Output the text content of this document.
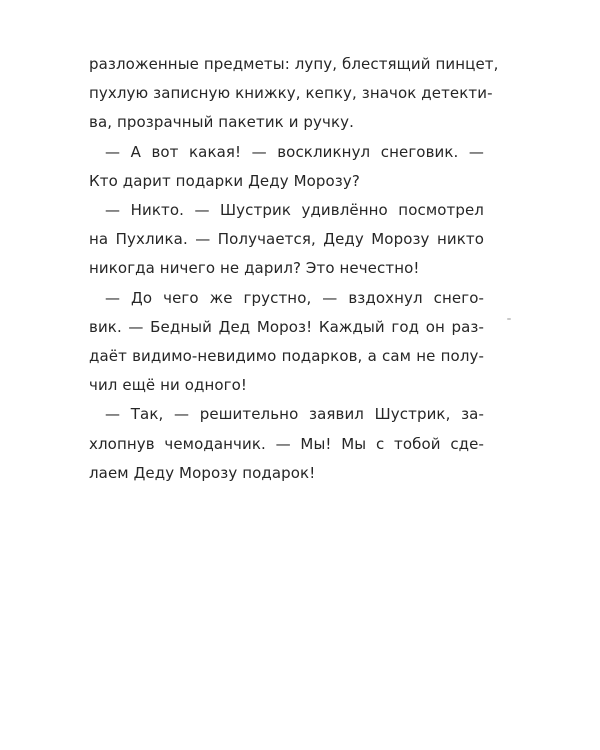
разложенные предметы: лупу, блестящий пинцет,
пухлую записную книжку, кепку, значок детекти-
ва, прозрачный пакетик и ручку.
— А вот какая! — воскликнул снеговик. —
Кто дарит подарки Деду Морозу?
— Никто. — Шустрик удивлённо посмотрел
на Пухлика. — Получается, Деду Морозу никто
никогда ничего не дарил? Это нечестно!
— До чего же грустно, — вздохнул снего-
вик. — Бедный Дед Мороз! Каждый год он раз-
даёт видимо-невидимо подарков, а сам не полу-
чил ещё ни одного!
— Так, — решительно заявил Шустрик, за-
хлопнув чемоданчик. — Мы! Мы с тобой сде-
лаем Деду Морозу подарок!
